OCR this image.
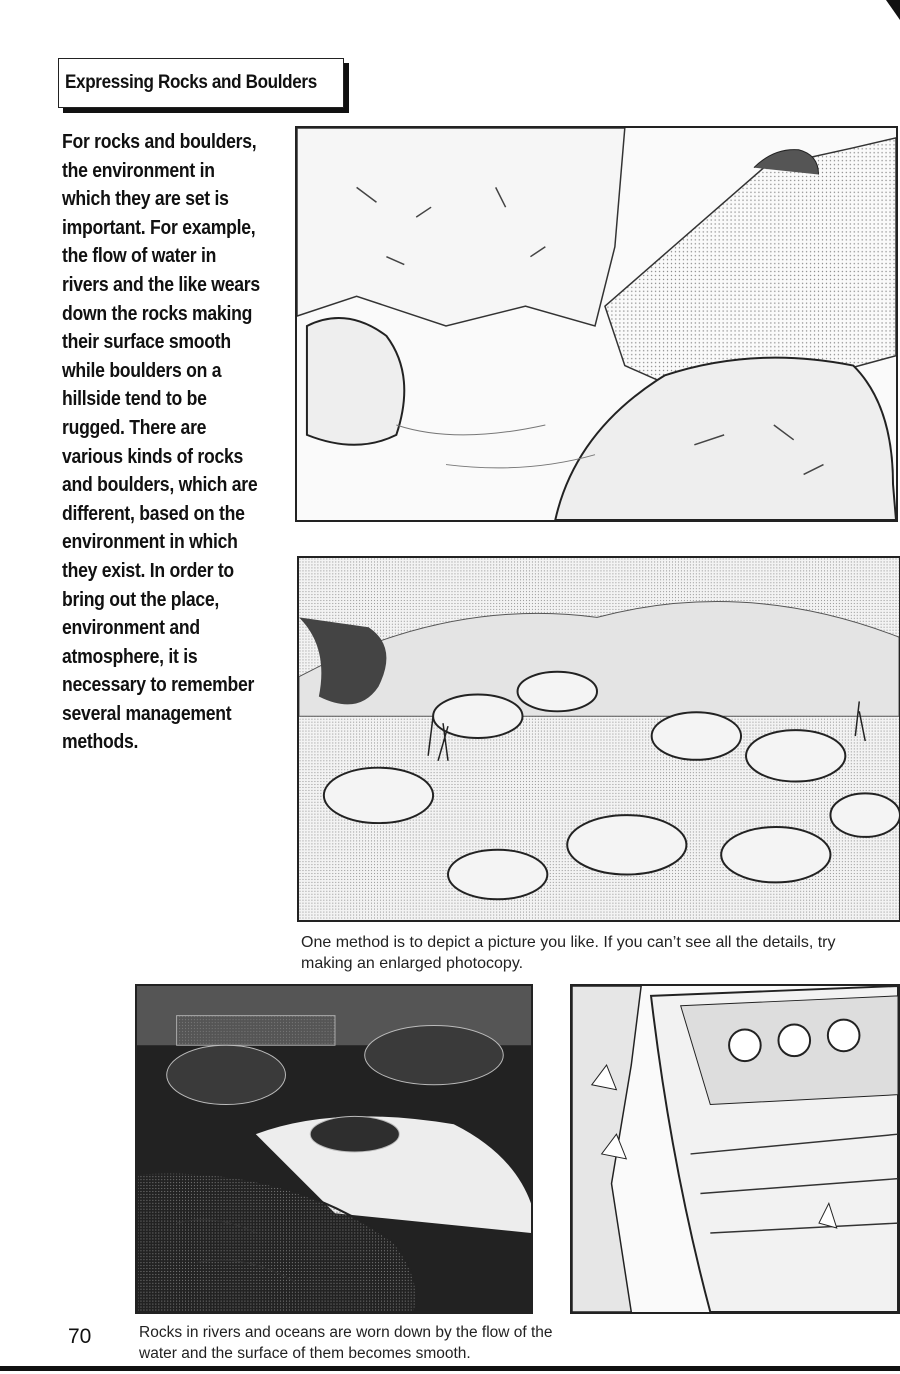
Expressing Rocks and Boulders
For rocks and boulders,
the environment in
which they are set is
important. For example,
the flow of water in
rivers and the like wears
down the rocks making
their surface smooth
while boulders on a
hillside tend to be
rugged. There are
various kinds of rocks
and boulders, which are
different, based on the
environment in which
they exist. In order to
bring out the place,
environment and
atmosphere, it is
necessary to remember
several management
methods.
One method is to depict a picture you like. If you can’t see all the details, try making an enlarged photocopy.
Rocks in rivers and oceans are worn down by the flow of the water and the surface of them becomes smooth.
70
